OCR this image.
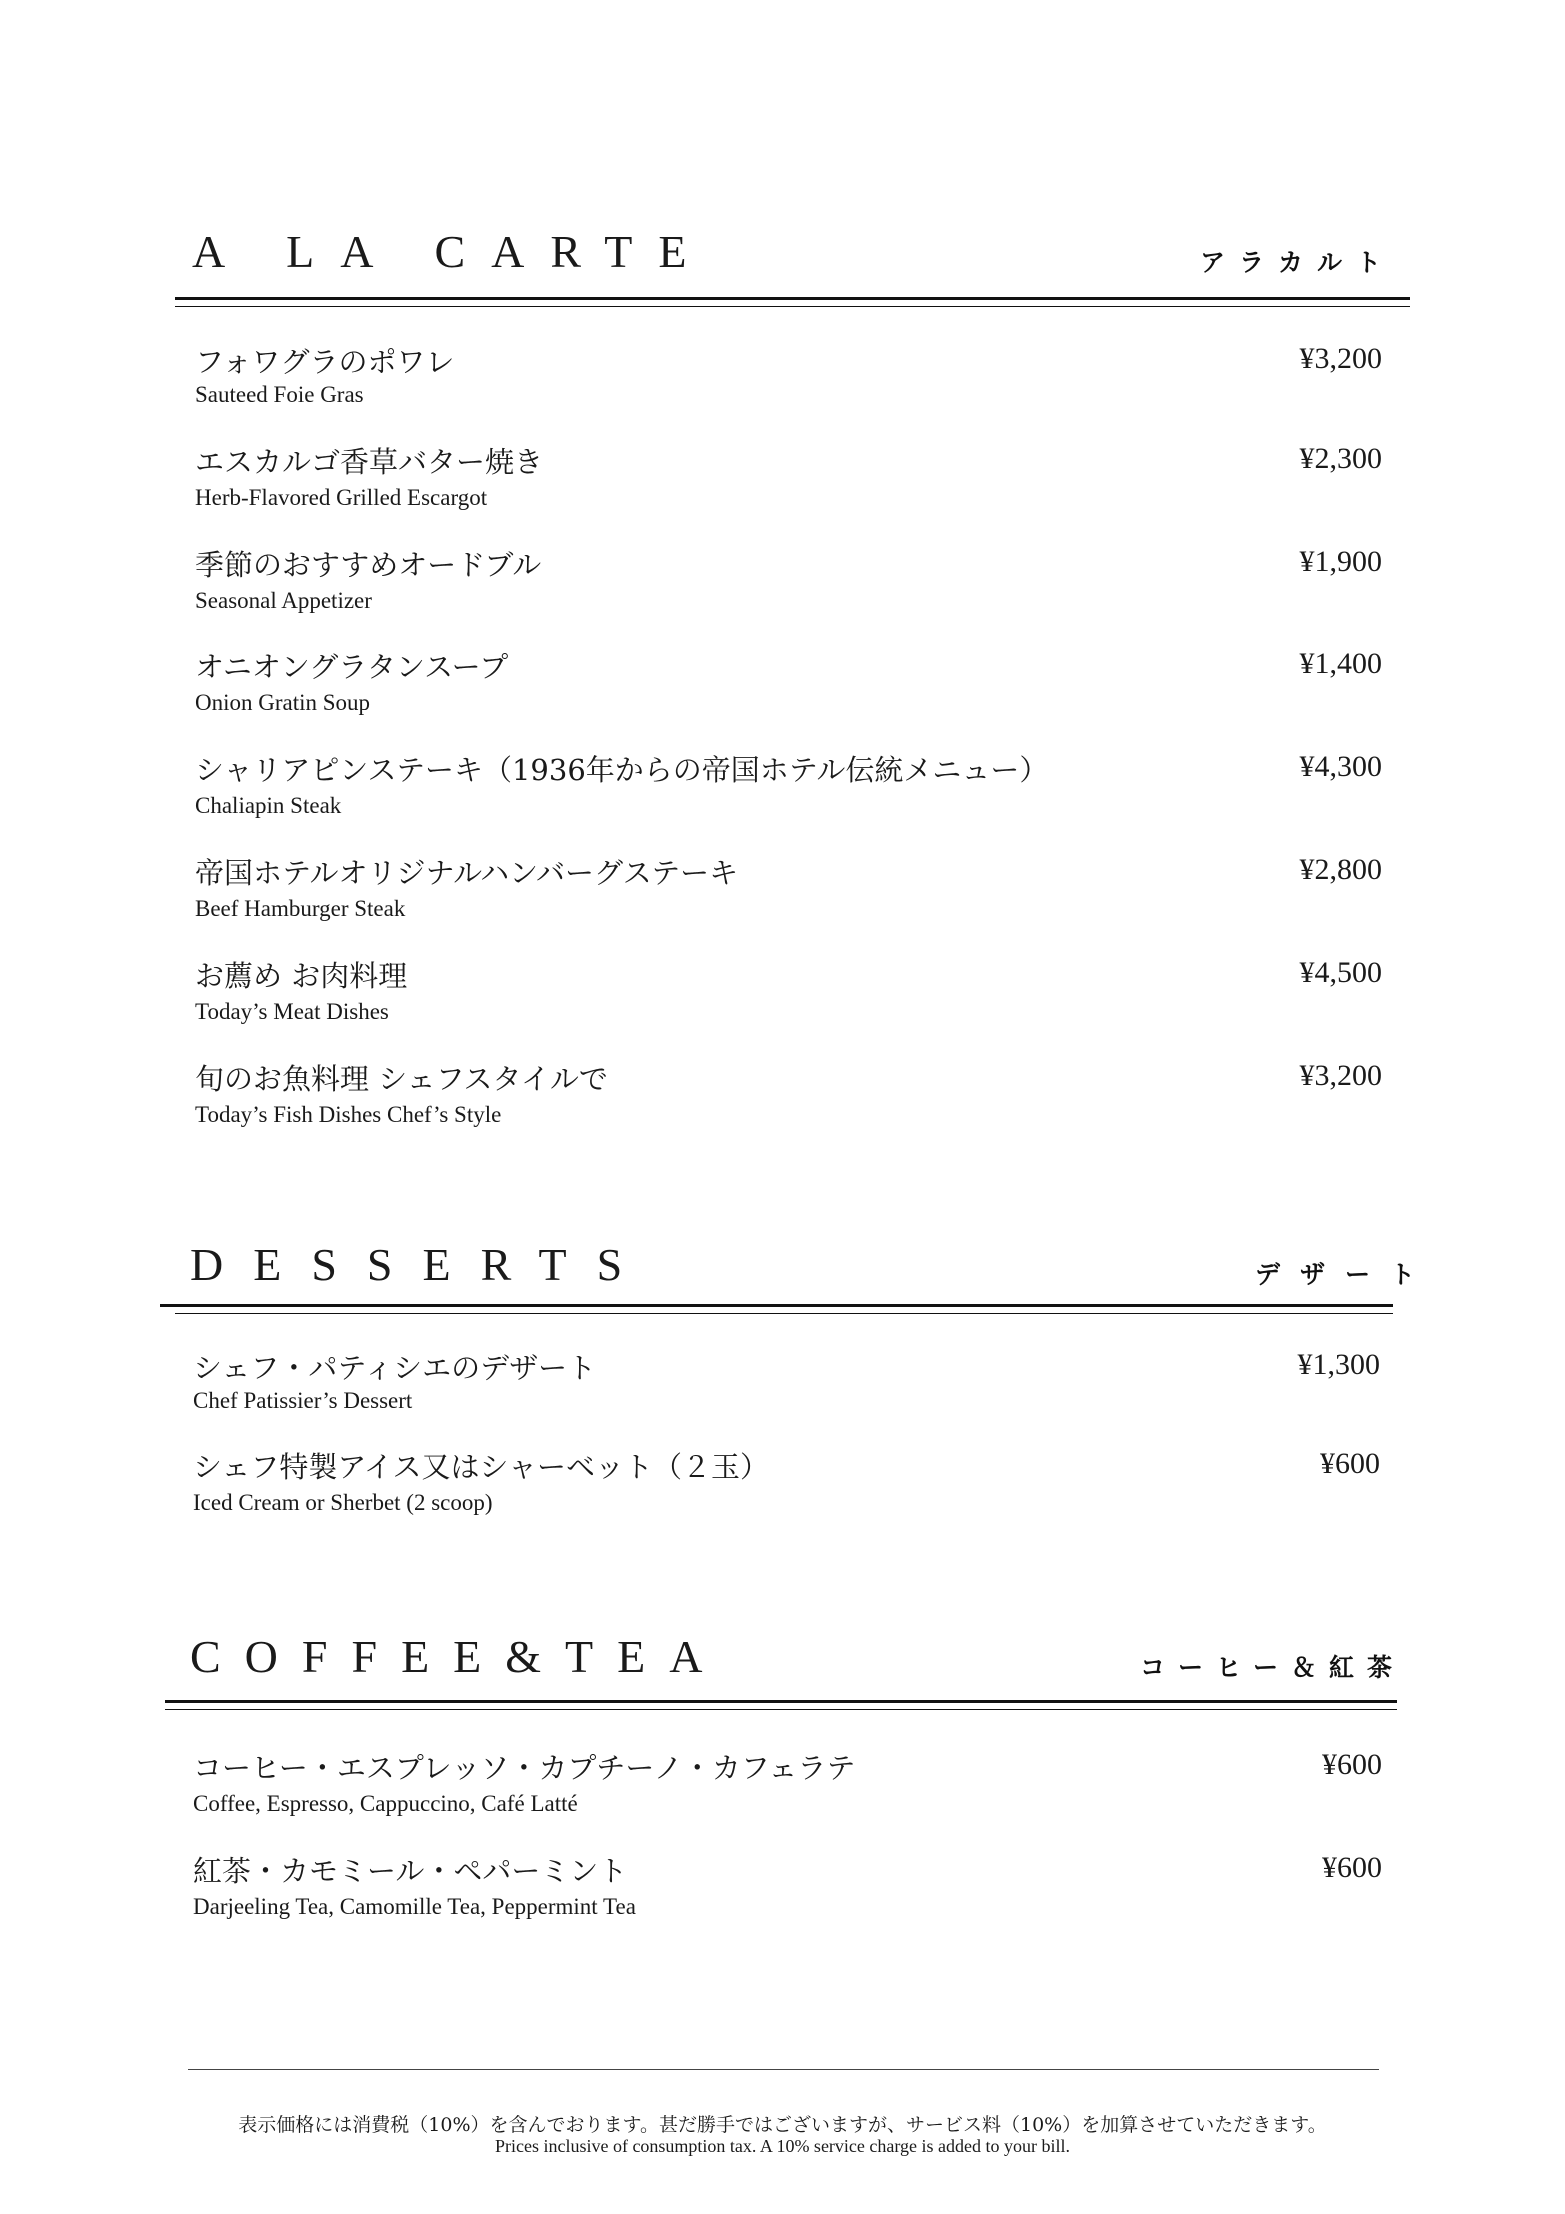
A LA CARTE	アラカルト
フォワグラのポワレ
Sauteed Foie Gras
¥3,200
エスカルゴ香草バター焼き
Herb-Flavored Grilled Escargot
¥2,300
季節のおすすめオードブル
Seasonal Appetizer
¥1,900
オニオングラタンスープ
Onion Gratin Soup
¥1,400
シャリアピンステーキ（1936年からの帝国ホテル伝統メニュー）
Chaliapin Steak
¥4,300
帝国ホテルオリジナルハンバーグステーキ
Beef Hamburger Steak
¥2,800
お薦め お肉料理
Today’s Meat Dishes
¥4,500
旬のお魚料理 シェフスタイルで
Today’s Fish Dishes Chef’s Style
¥3,200
DESSERTS	デザート
シェフ・パティシエのデザート
Chef Patissier’s Dessert
¥1,300
シェフ特製アイス又はシャーベット（２玉）
Iced Cream or Sherbet (2 scoop)
¥600
COFFEE&TEA	コーヒー＆紅茶
コーヒー・エスプレッソ・カプチーノ・カフェラテ
Coffee, Espresso, Cappuccino, Café Latté
¥600
紅茶・カモミール・ペパーミント
Darjeeling Tea, Camomille Tea, Peppermint Tea
¥600
表示価格には消費税（10%）を含んでおります。甚だ勝手ではございますが、サービス料（10%）を加算させていただきます。
Prices inclusive of consumption tax. A 10% service charge is added to your bill.
